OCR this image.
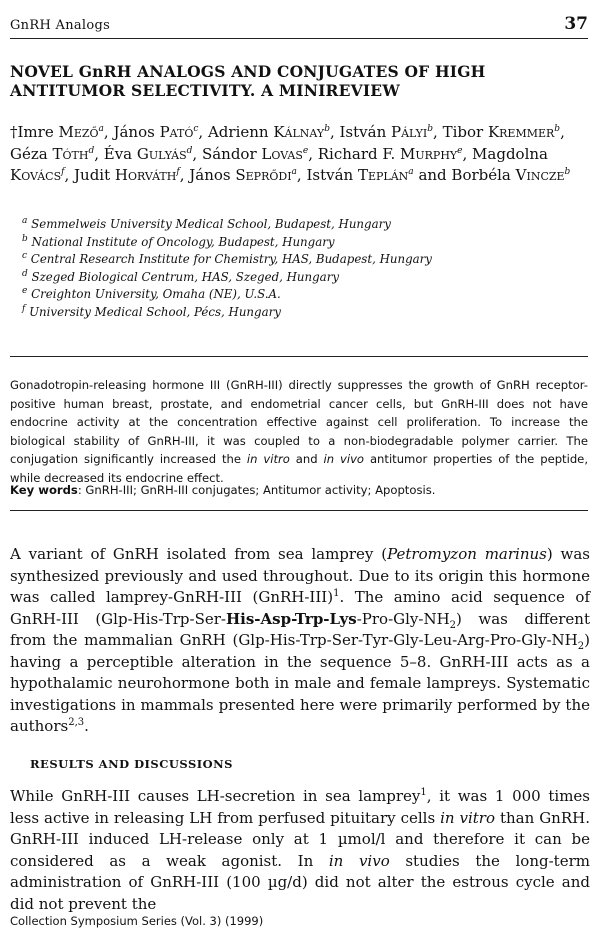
GnRH Analogs	37
NOVEL GnRH ANALOGS AND CONJUGATES OF HIGH ANTITUMOR SELECTIVITY. A MINIREVIEW
†Imre Mező$^a$, János Pató$^c$, Adrienn Kálnay$^b$, István Pályi$^b$, Tibor Kremmer$^b$, Géza Tóth$^d$, Éva Gulyás$^d$, Sándor Lovas$^e$, Richard F. Murphy$^e$, Magdolna Kovács$^f$, Judit Horváth$^f$, János Seprődi$^a$, István Teplán$^a$ and Borbéla Vincze$^b$
$^a$ Semmelweis University Medical School, Budapest, Hungary
$^b$ National Institute of Oncology, Budapest, Hungary
$^c$ Central Research Institute for Chemistry, HAS, Budapest, Hungary
$^d$ Szeged Biological Centrum, HAS, Szeged, Hungary
$^e$ Creighton University, Omaha (NE), U.S.A.
$^f$ University Medical School, Pécs, Hungary
Gonadotropin-releasing hormone III (GnRH-III) directly suppresses the growth of GnRH receptor-positive human breast, prostate, and endometrial cancer cells, but GnRH-III does not have endocrine activity at the concentration effective against cell proliferation. To increase the biological stability of GnRH-III, it was coupled to a non-biodegradable polymer carrier. The conjugation significantly increased the in vitro and in vivo antitumor properties of the peptide, while decreased its endocrine effect.
Key words: GnRH-III; GnRH-III conjugates; Antitumor activity; Apoptosis.
A variant of GnRH isolated from sea lamprey (Petromyzon marinus) was synthesized previously and used throughout. Due to its origin this hormone was called lamprey-GnRH-III (GnRH-III)$^1$. The amino acid sequence of GnRH-III $(Glp-His-Trp-Ser-His-Asp-Trp-Lys-Pro-Gly-NH_2)$ was different from the mammalian GnRH $(Glp-His-Trp-Ser-Tyr-Gly-Leu-Arg-Pro-Gly-NH_2)$ having a perceptible alteration in the sequence 5–8. GnRH-III acts as a hypothalamic neurohormone both in male and female lampreys. Systematic investigations in mammals presented here were primarily performed by the authors$^{2,3}$.
RESULTS AND DISCUSSIONS
While GnRH-III causes LH-secretion in sea lamprey$^1$, it was 1 000 times less active in releasing LH from perfused pituitary cells in vitro than GnRH. GnRH-III induced LH-release only at 1 µmol/l and therefore it can be considered as a weak agonist. In in vivo studies the long-term administration of GnRH-III (100 µg/d) did not alter the estrous cycle and did not prevent the
Collection Symposium Series (Vol. 3) (1999)
